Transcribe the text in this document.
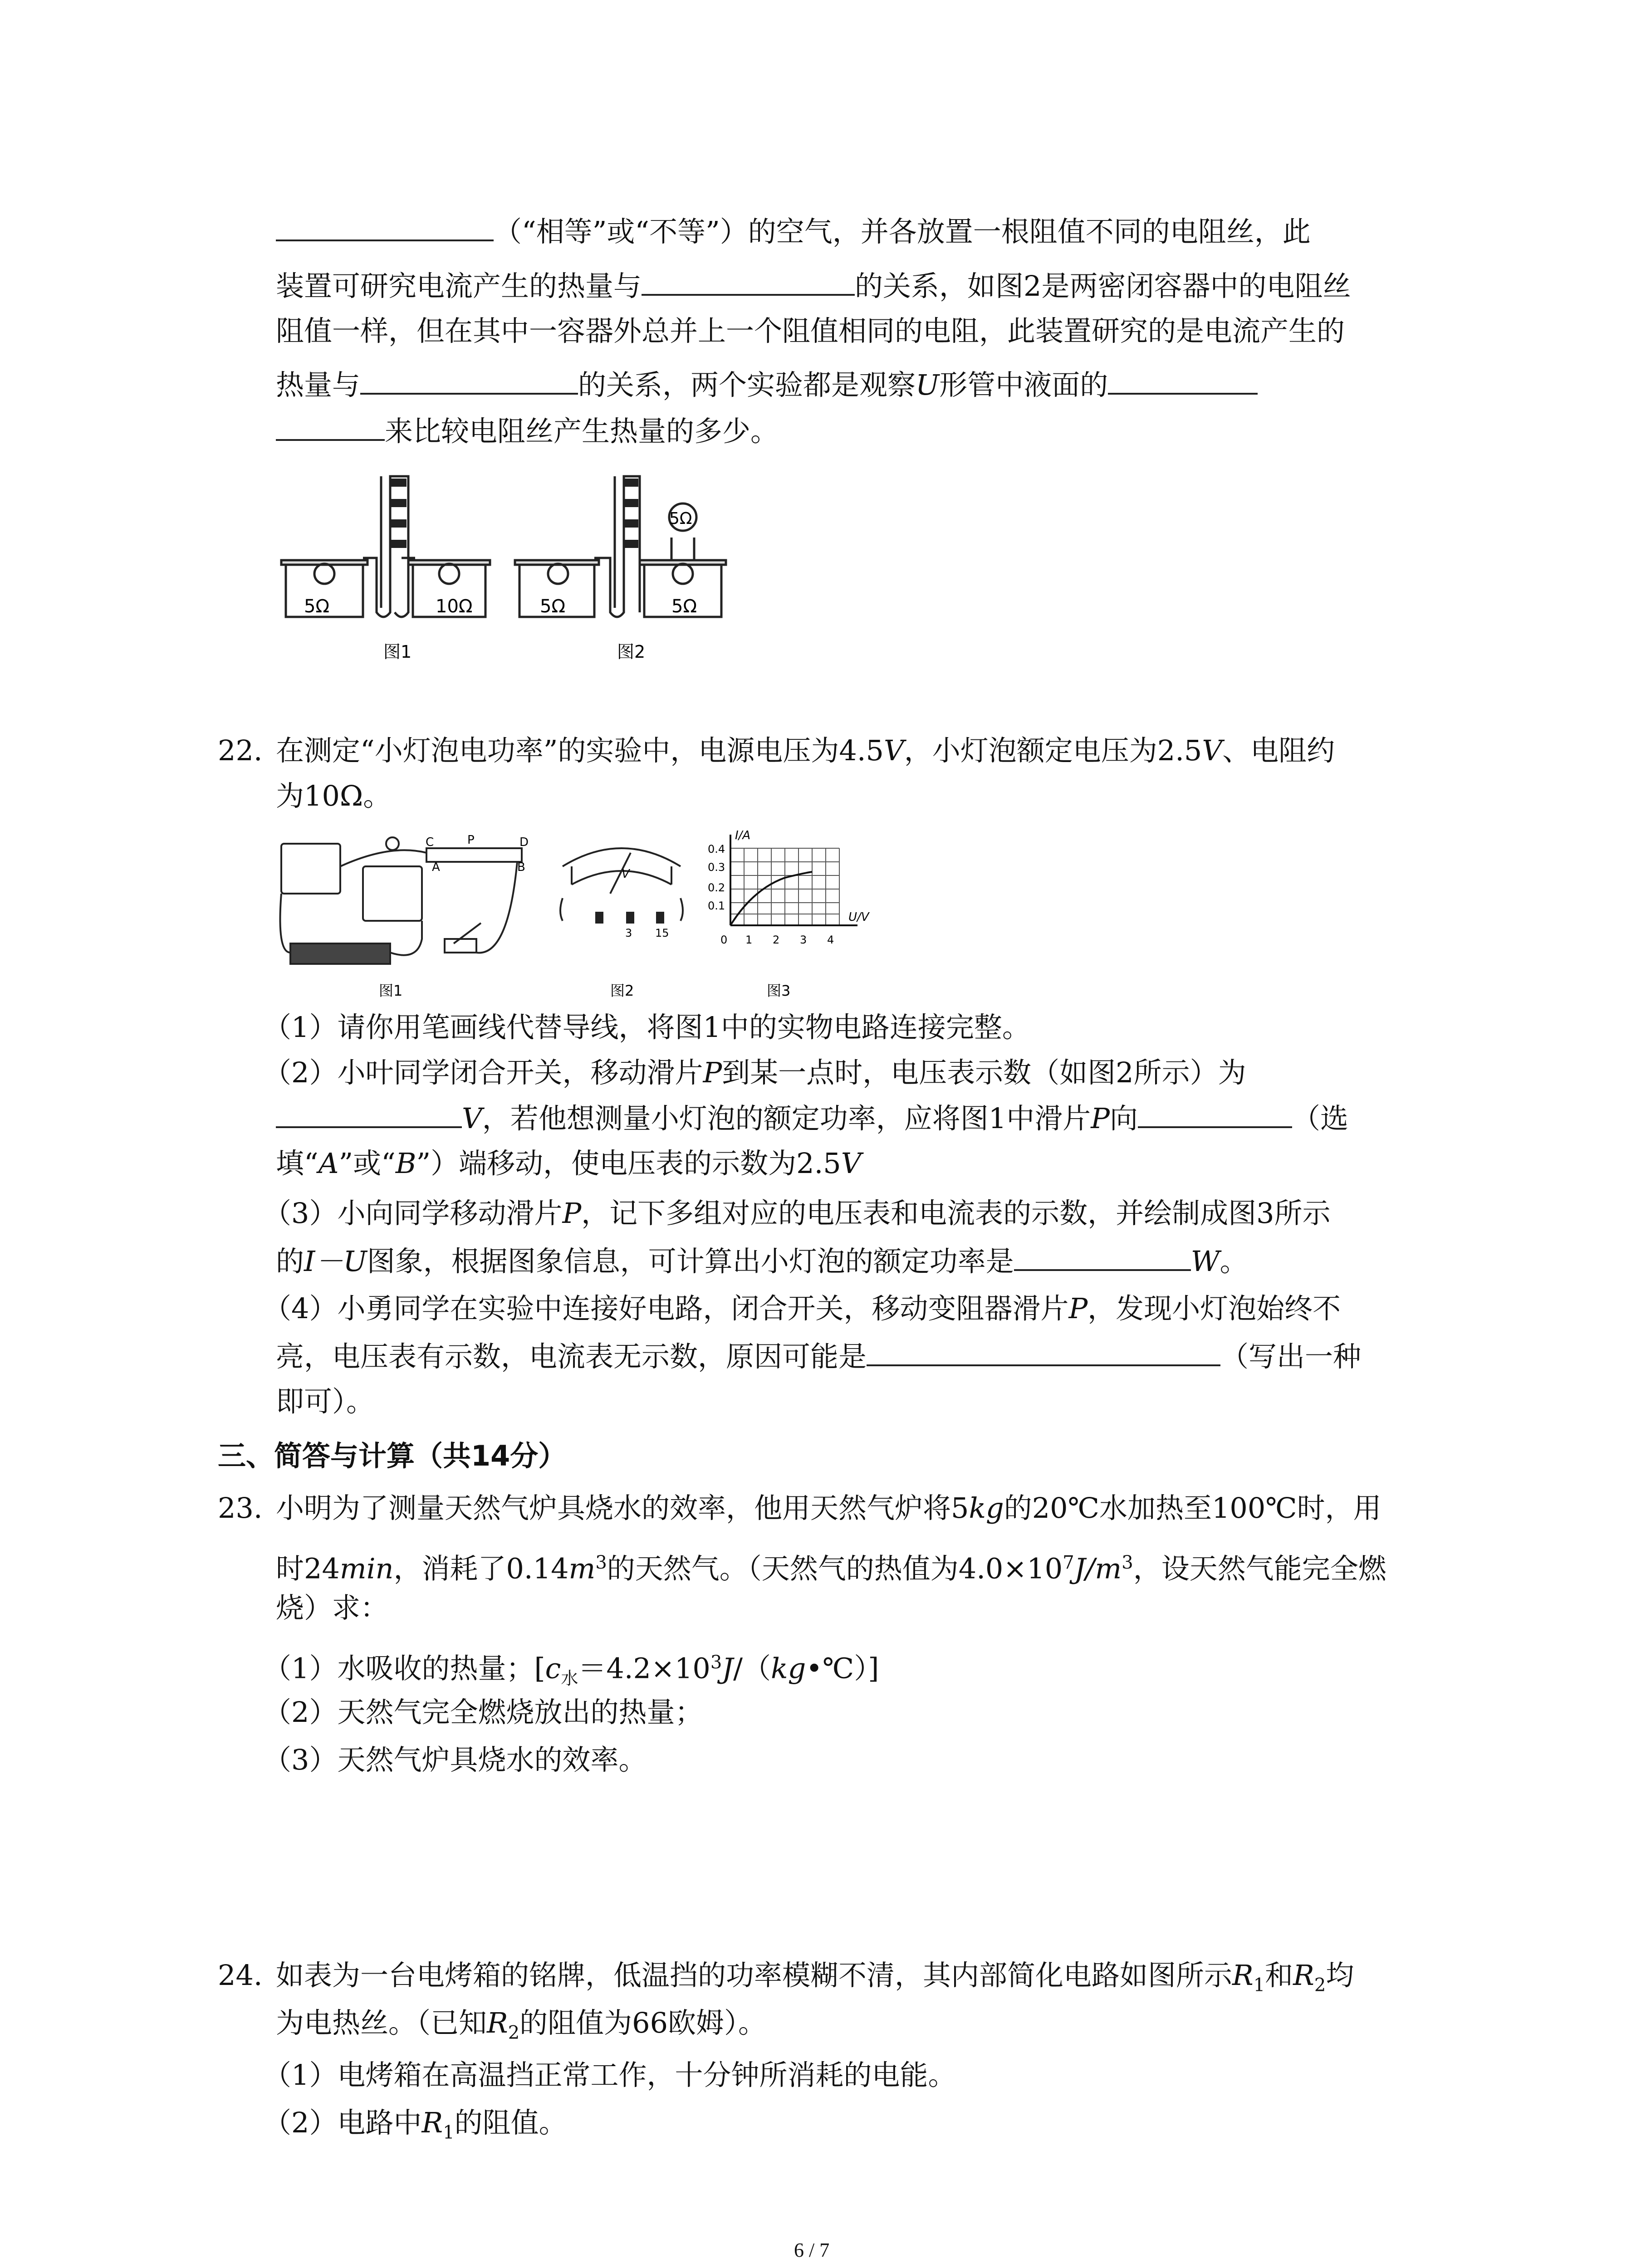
（“相等”或“不等”）的空气，并各放置一根阻值不同的电阻丝，此
装置可研究电流产生的热量与	的关系，如图2是两密闭容器中的电阻丝
阻值一样，但在其中一容器外总并上一个阻值相同的电阻，此装置研究的是电流产生的
热量与	的关系，两个实验都是观察U形管中液面的
来比较电阻丝产生热量的多少。
5Ω	10Ω	5Ω	5Ω
5Ω
图1	图2
22. 在测定“小灯泡电功率”的实验中，电源电压为4.5V，小灯泡额定电压为2.5V、电阻约
为10Ω。
C	P	D
A	B	V
3 15
I/A
U/V
0.4
0.3
0.2
0.1
0 1 2 3 4
图1	图2	图3
（1）请你用笔画线代替导线，将图1中的实物电路连接完整。
（2）小叶同学闭合开关，移动滑片P到某一点时，电压表示数（如图2所示）为
V，若他想测量小灯泡的额定功率，应将图1中滑片P向	（选
填“A”或“B”）端移动，使电压表的示数为2.5V
（3）小向同学移动滑片P，记下多组对应的电压表和电流表的示数，并绘制成图3所示
的I－U图象，根据图象信息，可计算出小灯泡的额定功率是	W。
（4）小勇同学在实验中连接好电路，闭合开关，移动变阻器滑片P，发现小灯泡始终不
亮，电压表有示数，电流表无示数，原因可能是	（写出一种
即可）。
三、简答与计算（共14分）
23. 小明为了测量天然气炉具烧水的效率，他用天然气炉将5kg的20℃水加热至100℃时，用
时24min，消耗了$0.14m^3$的天然气。（天然气的热值为$4.0\times 10^7J/m^3$，设天然气能完全燃
烧）求：
（1）水吸收的热量；$[c_水=4.2\times 10^3J/(kg•℃)]$
（2）天然气完全燃烧放出的热量；
（3）天然气炉具烧水的效率。
24. 如表为一台电烤箱的铭牌，低温挡的功率模糊不清，其内部简化电路如图所示$R_1$和$R_2$均
为电热丝。（已知$R_2$的阻值为66欧姆）。
（1）电烤箱在高温挡正常工作，十分钟所消耗的电能。
（2）电路中$R_1$的阻值。
6 / 7
